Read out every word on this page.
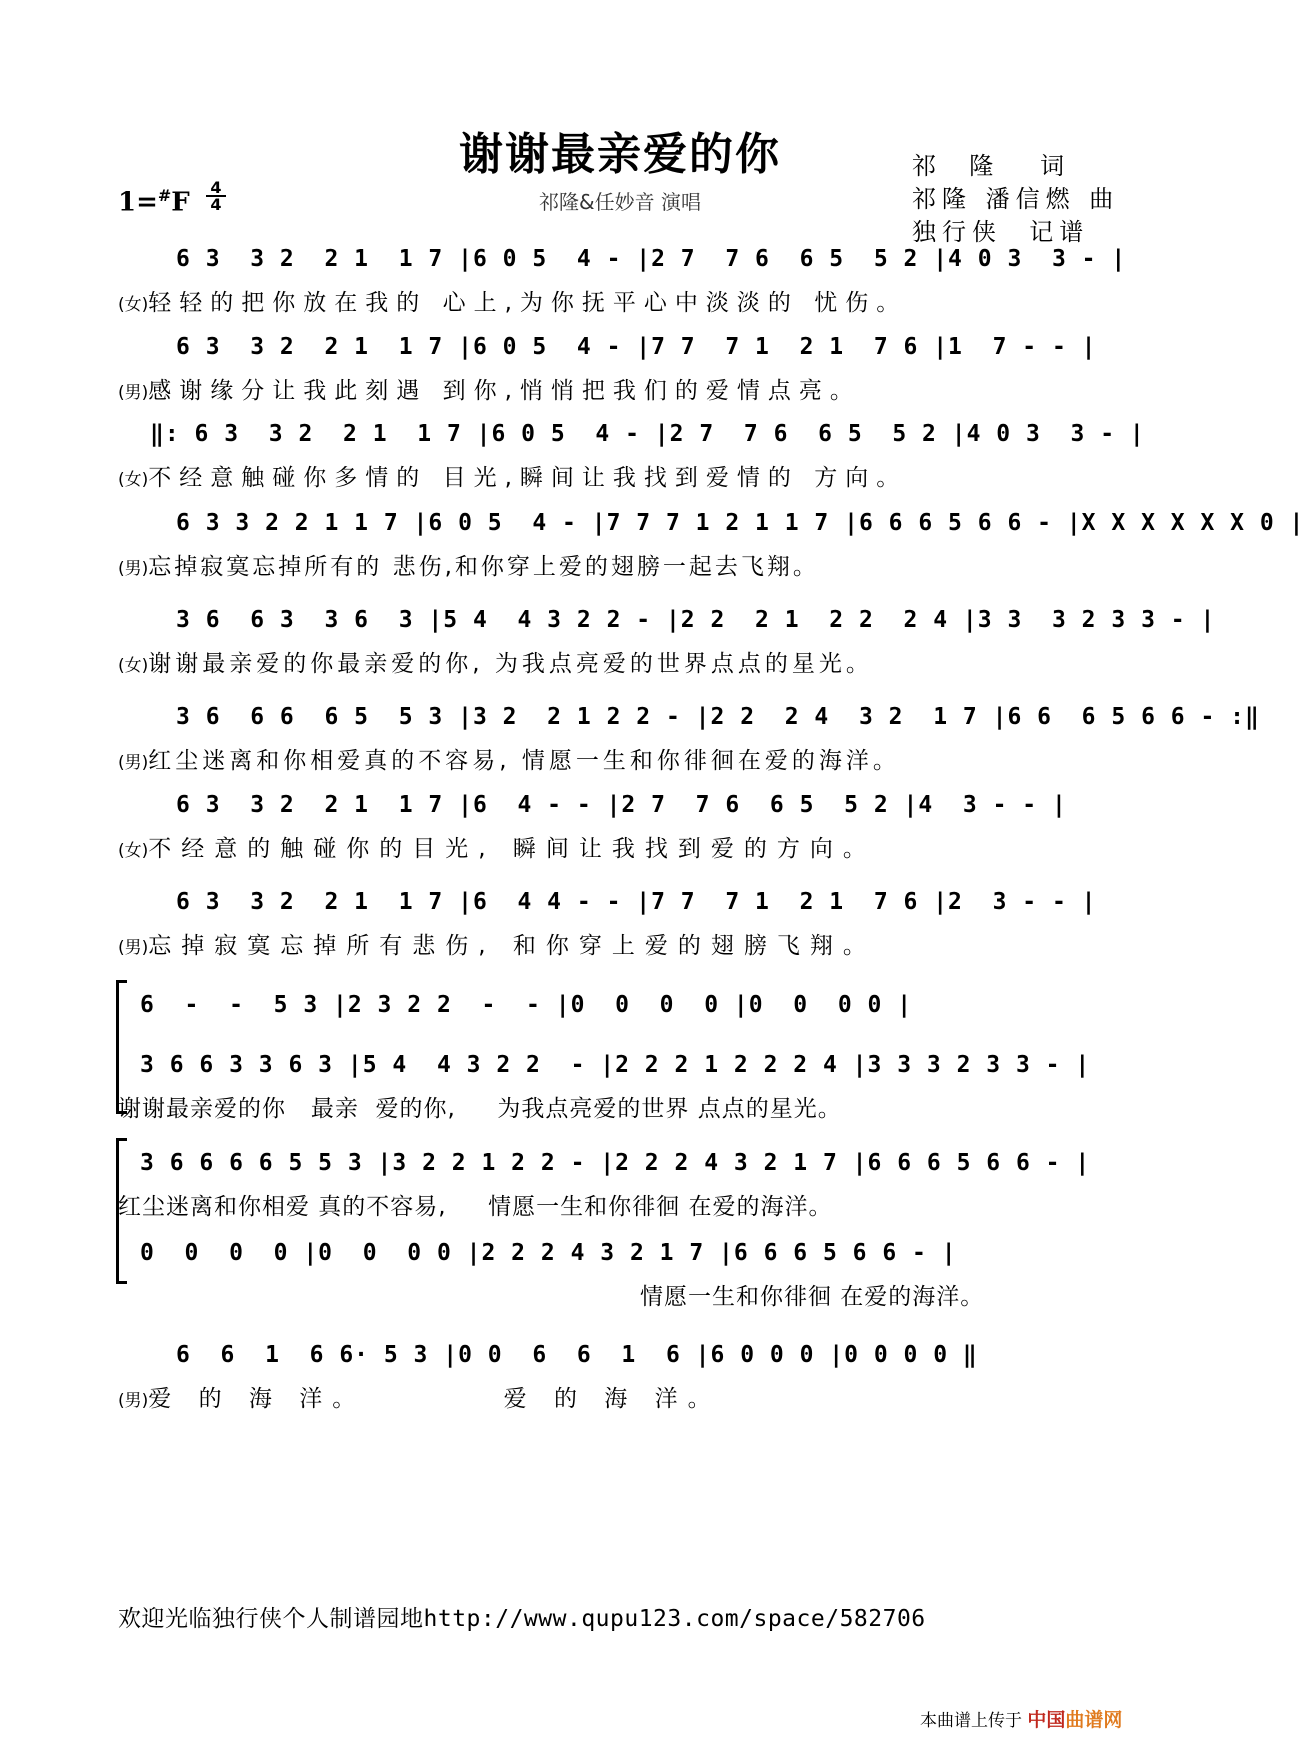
谢谢最亲爱的你
祁隆&任妙音 演唱
1=#F
4
4
祁  隆   词
祁隆 潘信燃 曲
独行侠  记谱
6 3  3 2  2 1  1 7 |6 0 5  4 - |2 7  7 6  6 5  5 2 |4 0 3  3 - |
(女)轻轻的把你放在我的 心上,为你抚平心中淡淡的 忧伤。
6 3  3 2  2 1  1 7 |6 0 5  4 - |7 7  7 1  2 1  7 6 |1  7 - - |
(男)感谢缘分让我此刻遇 到你,悄悄把我们的爱情点亮。
‖: 6 3  3 2  2 1  1 7 |6 0 5  4 - |2 7  7 6  6 5  5 2 |4 0 3  3 - |
(女)不经意触碰你多情的 目光,瞬间让我找到爱情的 方向。
6 3 3 2 2 1 1 7 |6 0 5  4 - |7 7 7 1 2 1 1 7 |6 6 6 5 6 6 - |X X X X X X 0 |
(男)忘掉寂寞忘掉所有的 悲伤,和你穿上爱的翅膀一起去飞翔。
3 6  6 3  3 6  3 |5 4  4 3 2 2 - |2 2  2 1  2 2  2 4 |3 3  3 2 3 3 - |
(女)谢谢最亲爱的你最亲爱的你, 为我点亮爱的世界点点的星光。
3 6  6 6  6 5  5 3 |3 2  2 1 2 2 - |2 2  2 4  3 2  1 7 |6 6  6 5 6 6 - :‖
(男)红尘迷离和你相爱真的不容易, 情愿一生和你徘徊在爱的海洋。
6 3  3 2  2 1  1 7 |6  4 - - |2 7  7 6  6 5  5 2 |4  3 - - |
(女)不经意的触碰你的目光, 瞬间让我找到爱的方向。
6 3  3 2  2 1  1 7 |6  4 4 - - |7 7  7 1  2 1  7 6 |2  3 - - |
(男)忘掉寂寞忘掉所有悲伤, 和你穿上爱的翅膀飞翔。
6  -  -  5 3 |2 3 2 2  -  - |0  0  0  0 |0  0  0 0 |
3 6 6 3 3 6 3 |5 4  4 3 2 2  - |2 2 2 1 2 2 2 4 |3 3 3 2 3 3 - |
谢谢最亲爱的你   最亲  爱的你,     为我点亮爱的世界 点点的星光。
3 6 6 6 6 5 5 3 |3 2 2 1 2 2 - |2 2 2 4 3 2 1 7 |6 6 6 5 6 6 - |
红尘迷离和你相爱 真的不容易,     情愿一生和你徘徊 在爱的海洋。
0  0  0  0 |0  0  0 0 |2 2 2 4 3 2 1 7 |6 6 6 5 6 6 - |
情愿一生和你徘徊 在爱的海洋。
6  6  1  6 6· 5 3 |0 0  6  6  1  6 |6 0 0 0 |0 0 0 0 ‖
(男)爱 的 海 洋。        爱 的 海 洋。
欢迎光临独行侠个人制谱园地http://www.qupu123.com/space/582706
本曲谱上传于 中国曲谱网
